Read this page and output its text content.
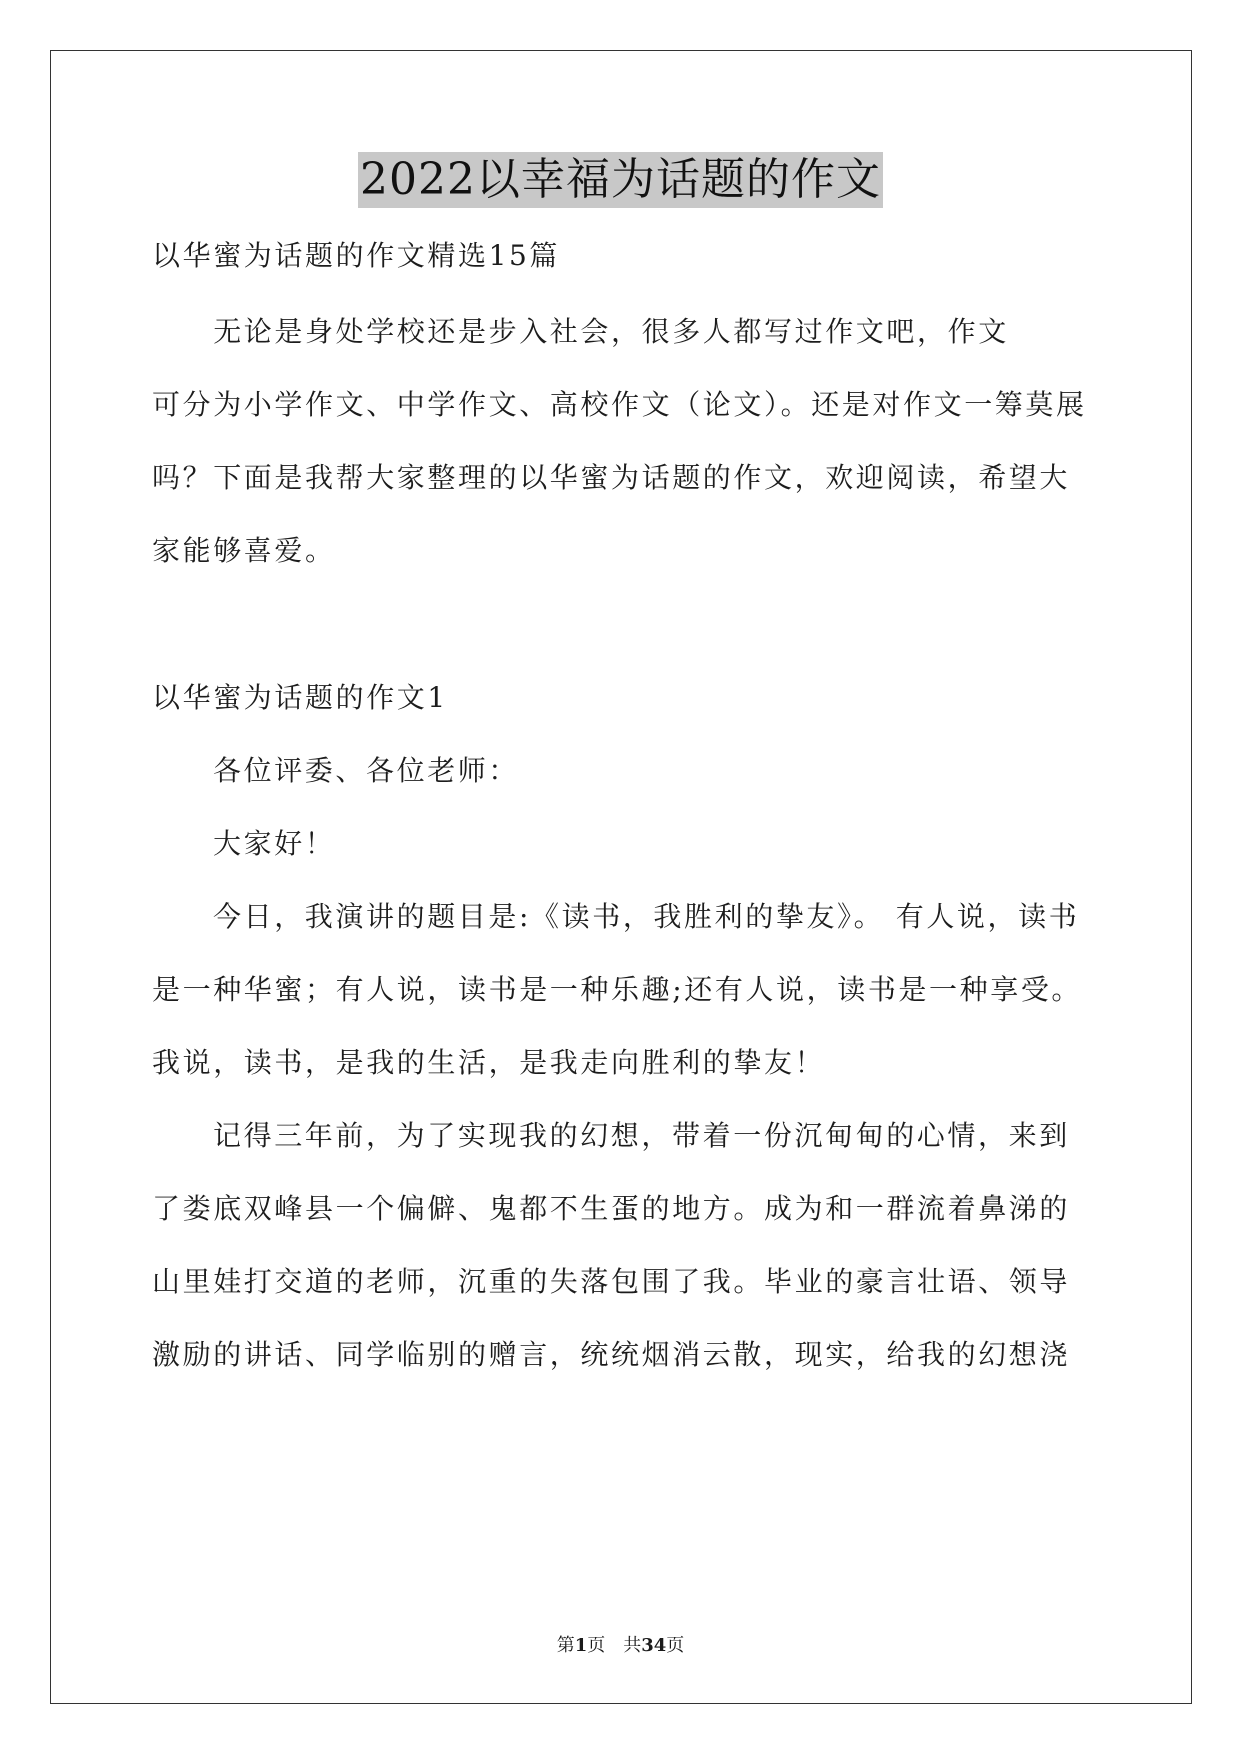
2022以幸福为话题的作文
以华蜜为话题的作文精选15篇
　　无论是身处学校还是步入社会，很多人都写过作文吧，作文
可分为小学作文、中学作文、高校作文（论文）。还是对作文一筹莫展
吗？下面是我帮大家整理的以华蜜为话题的作文，欢迎阅读，希望大
家能够喜爱。
以华蜜为话题的作文1
各位评委、各位老师：
大家好！
今日，我演讲的题目是:《读书，我胜利的挚友》。 有人说，读书
是一种华蜜；有人说，读书是一种乐趣;还有人说，读书是一种享受。
我说，读书，是我的生活，是我走向胜利的挚友！
记得三年前，为了实现我的幻想，带着一份沉甸甸的心情，来到
了娄底双峰县一个偏僻、鬼都不生蛋的地方。成为和一群流着鼻涕的
山里娃打交道的老师，沉重的失落包围了我。毕业的豪言壮语、领导
激励的讲话、同学临别的赠言，统统烟消云散，现实，给我的幻想浇
第1页 共34页
